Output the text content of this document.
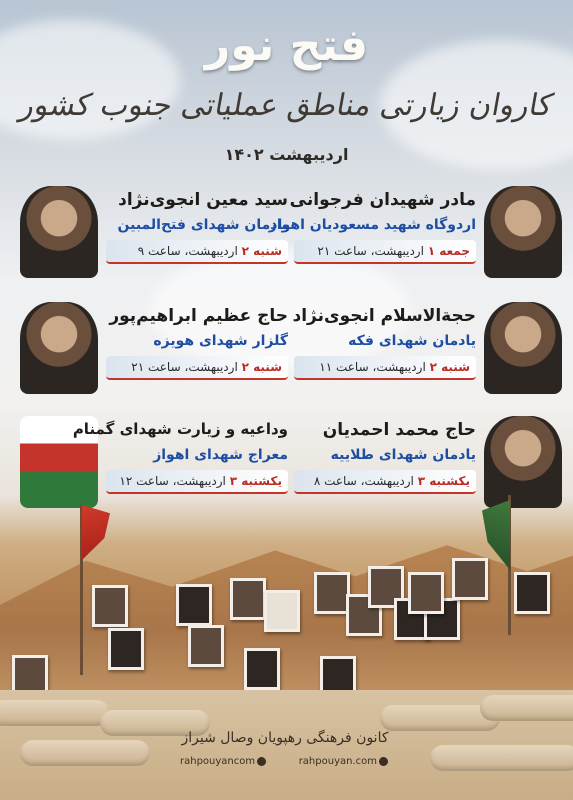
فتح نور
کاروان زیارتی مناطق عملیاتی جنوب کشور
اردیبهشت ۱۴۰۲
مادر شهیدان فرجوانی
اردوگاه شهید مسعودیان اهواز
جمعه ۱ اردیبهشت، ساعت ۲۱
سید معین انجوی‌نژاد
یادمان شهدای فتح‌المبین
شنبه ۲ اردیبهشت، ساعت ۹
حجة‌الاسلام انجوی‌نژاد
یادمان شهدای فکه
شنبه ۲ اردیبهشت، ساعت ۱۱
حاج عظیم ابراهیم‌پور
گلزار شهدای هویزه
شنبه ۲ اردیبهشت، ساعت ۲۱
حاج محمد احمدیان
یادمان شهدای طلاییه
یکشنبه ۳ اردیبهشت، ساعت ۸
وداعیه و زیارت شهدای گمنام
معراج شهدای اهواز
یکشنبه ۳ اردیبهشت، ساعت ۱۲
کانون فرهنگی رهپویان وصال شیراز
rahpouyan.com
rahpouyancom
